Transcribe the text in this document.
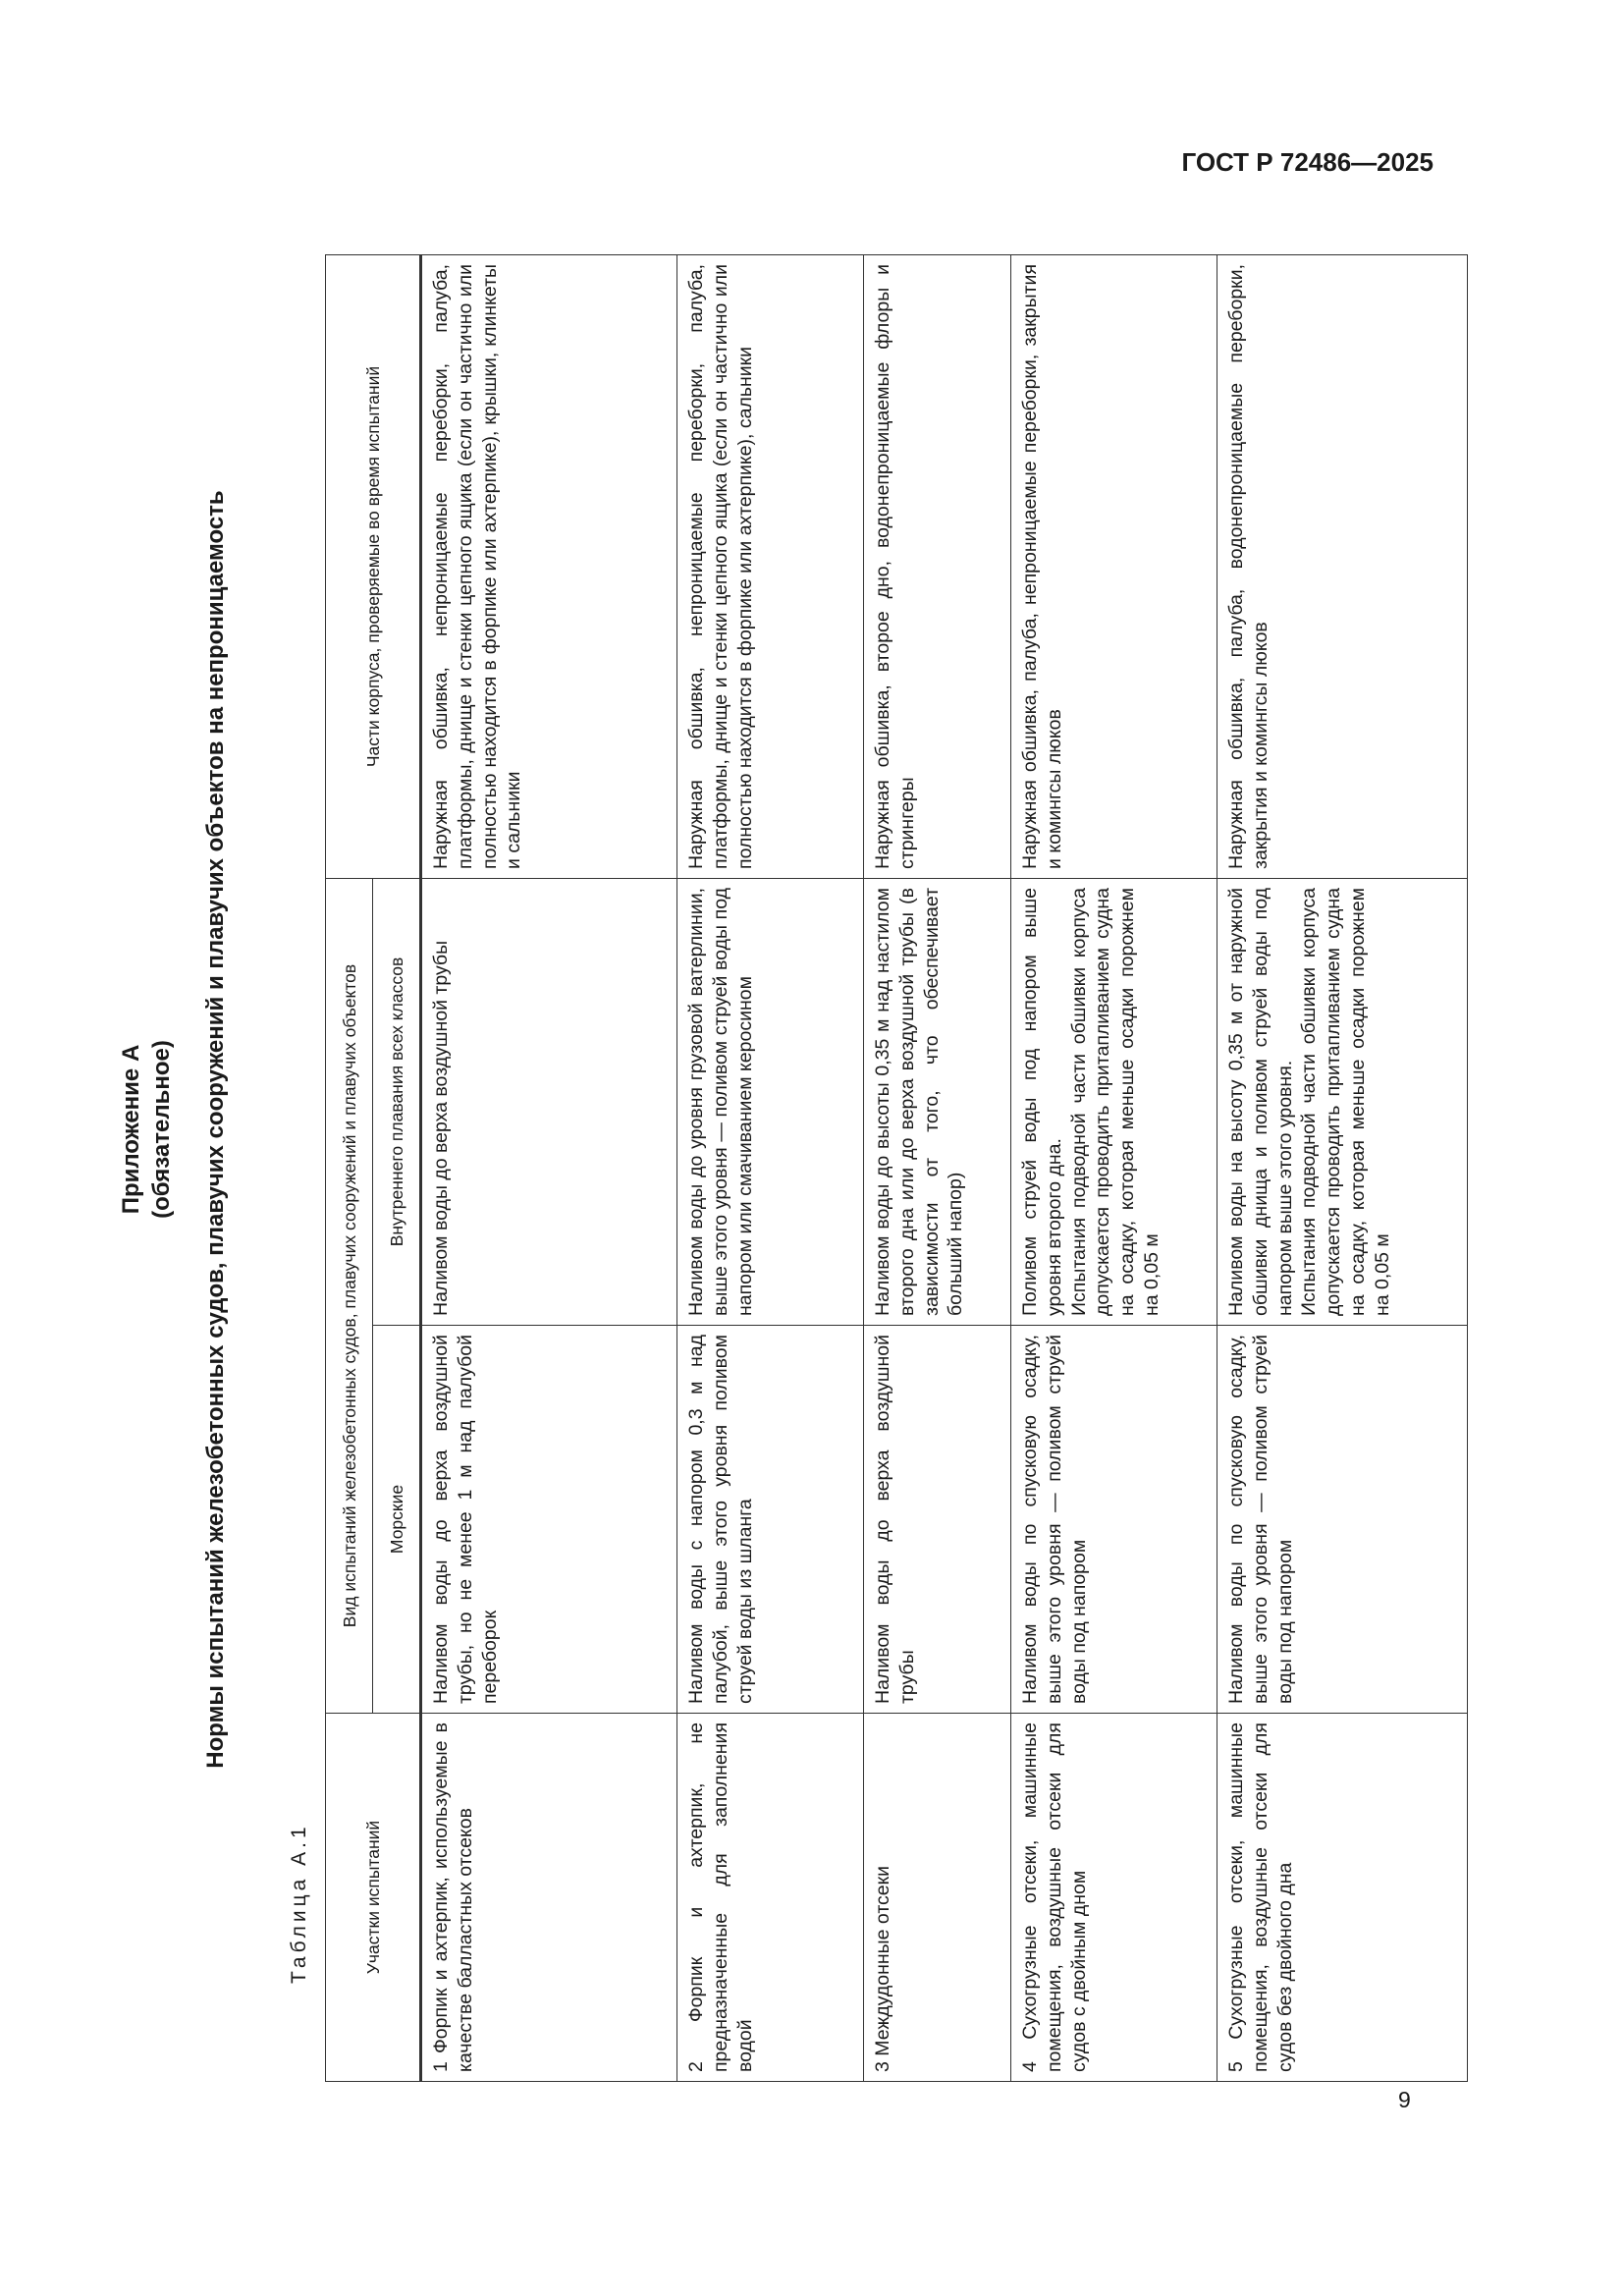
ГОСТ Р 72486—2025
Приложение А (обязательное) Нормы испытаний железобетонных судов, плавучих сооружений и плавучих объектов на непроницаемость
Таблица А.1	Участки испытаний	Вид испытаний железобетонных судов, плавучих сооружений и плавучих объектов		Части корпуса, проверяемые во время испытаний
	Морские	Внутреннего плавания всех классов	

1 Форпик и ахтерпик, используемые в качестве балластных отсеков	Наливом воды до верха воздушной трубы, но не менее 1 м над палубой переборок	Наливом воды до верха воздушной трубы	Наружная обшивка, непроницаемые переборки, палуба, платформы, днище и стенки цепного ящика (если он частично или полностью находится в форпике или ахтерпике), крышки, клинкеты и сальники
2 Форпик и ахтерпик, не предназначенные для заполнения водой	Наливом воды с напором 0,3 м над палубой, выше этого уровня поливом струей воды из шланга	Наливом воды до уровня грузовой ватерлинии, выше этого уровня — поливом струей воды под напором или смачиванием керосином	Наружная обшивка, непроницаемые переборки, палуба, платформы, днище и стенки цепного ящика (если он частично или полностью находится в форпике или ахтерпике), сальники
3 Междудонные отсеки	Наливом воды до верха воздушной трубы	Наливом воды до высоты 0,35 м над настилом второго дна или до верха воздушной трубы (в зависимости от того, что обеспечивает больший напор)	Наружная обшивка, второе дно, водонепроницаемые флоры и стрингеры
4 Сухогрузные отсеки, машинные помещения, воздушные отсеки для судов с двойным дном	Наливом воды по спусковую осадку, выше этого уровня — поливом струей воды под напором	Поливом струей воды под напором выше уровня второго дна.
Испытания подводной части обшивки корпуса допускается проводить притапливанием судна на осадку, которая меньше осадки порожнем на 0,05 м	Наружная обшивка, палуба, непроницаемые переборки, закрытия и комингсы люков
5 Сухогрузные отсеки, машинные помещения, воздушные отсеки для судов без двойного дна	Наливом воды по спусковую осадку, выше этого уровня — поливом струей воды под напором	Наливом воды на высоту 0,35 м от наружной обшивки днища и поливом струей воды под напором выше этого уровня.
Испытания подводной части обшивки корпуса допускается проводить притапливанием судна на осадку, которая меньше осадки порожнем на 0,05 м	Наружная обшивка, палуба, водонепроницаемые переборки, закрытия и комингсы люков
9
